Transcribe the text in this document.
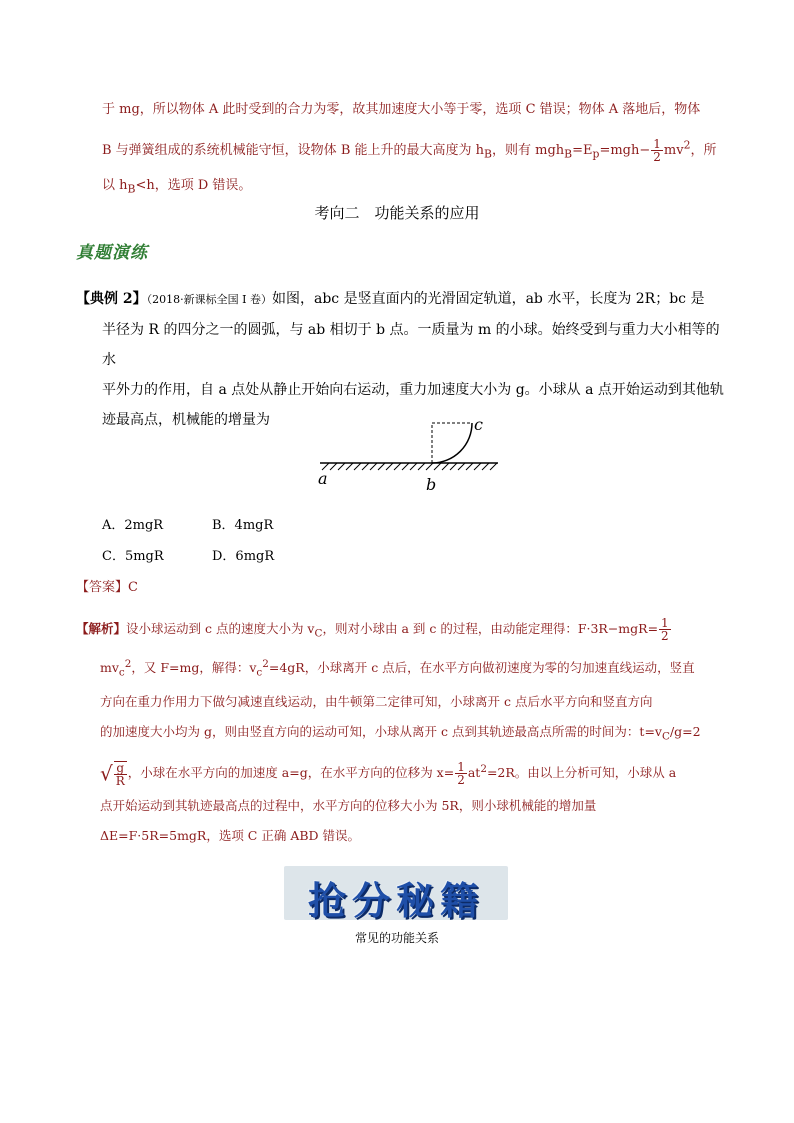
于 mg，所以物体 A 此时受到的合力为零，故其加速度大小等于零，选项 C 错误；物体 A 落地后，物体
B 与弹簧组成的系统机械能守恒，设物体 B 能上升的最大高度为 $h_B$，则有 $mgh_B=E_p=mgh- \frac{1}{2} mv^2$，所
以 $h_B<h$，选项 D 错误。
考向二　功能关系的应用
真题演练
【典例 2】（2018·新课标全国 I 卷）如图，abc 是竖直面内的光滑固定轨道，ab 水平，长度为 2R；bc 是
半径为 R 的四分之一的圆弧，与 ab 相切于 b 点。一质量为 m 的小球。始终受到与重力大小相等的水
平外力的作用，自 a 点处从静止开始向右运动，重力加速度大小为 g。小球从 a 点开始运动到其他轨
迹最高点，机械能的增量为
a	b
c
A．2mgR	B．4mgR
C．5mgR	D．6mgR
【答案】C
【解析】设小球运动到 c 点的速度大小为 $v_C$，则对小球由 a 到 c 的过程，由动能定理得：$F\cdot 3R-mgR= \frac{1}{2}$
$mv_c^2$，又 F=mg，解得：$v_c^2=4gR$，小球离开 c 点后，在水平方向做初速度为零的匀加速直线运动，竖直
方向在重力作用力下做匀减速直线运动，由牛顿第二定律可知，小球离开 c 点后水平方向和竖直方向
的加速度大小均为 g，则由竖直方向的运动可知，小球从离开 c 点到其轨迹最高点所需的时间为：$t=v_C/g=2$
√ $\frac{g}{R}$ ，小球在水平方向的加速度 a=g，在水平方向的位移为 $x= \frac{1}{2} at^2=2R$。由以上分析可知，小球从 a
点开始运动到其轨迹最高点的过程中，水平方向的位移大小为 5R，则小球机械能的增加量
ΔE=F·5R=5mgR，选项 C 正确 ABD 错误。
抢分秘籍
常见的功能关系
